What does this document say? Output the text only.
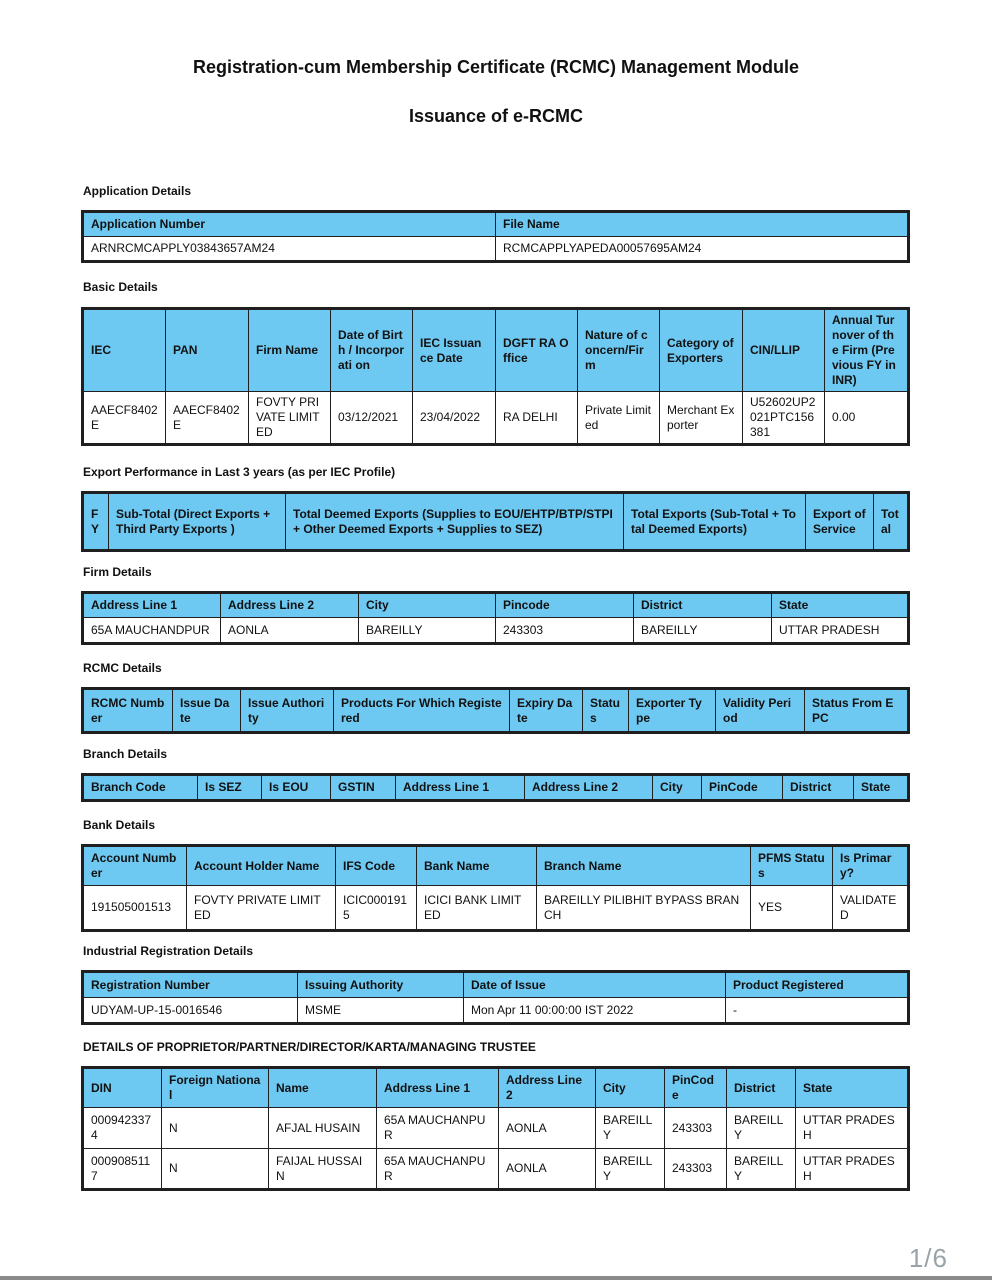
Registration-cum Membership Certificate (RCMC) Management Module
Issuance of e-RCMC
Application Details
Application Number	File Name
ARNRCMCAPPLY03843657AM24	RCMCAPPLYAPEDA00057695AM24
Basic Details
IEC	PAN	Firm Name	Date of Birth / Incorporati on	IEC Issuance Date	DGFT RA Office	Nature of concern/Fir m	Category of Exporters	CIN/LLIP	Annual Turnover of the Firm (Previous FY in INR)
AAECF8402 E	AAECF8402 E	FOVTY PRIVATE LIMITED	03/12/2021	23/04/2022	RA DELHI	Private Limited	Merchant Exporter	U52602UP2 021PTC156 381	0.00
Export Performance in Last 3 years (as per IEC Profile)
F Y	Sub-Total (Direct Exports + Third Party Exports )	Total Deemed Exports (Supplies to EOU/EHTP/BTP/STPI + Other Deemed Exports + Supplies to SEZ)	Total Exports (Sub-Total + Total Deemed Exports)	Export of Service	Tot al
Firm Details
Address Line 1	Address Line 2	City	Pincode	District	State
65A MAUCHANDPUR	AONLA	BAREILLY	243303	BAREILLY	UTTAR PRADESH
RCMC Details
RCMC Number	Issue Date	Issue Authority	Products For Which Registered	Expiry Date	Statu s	Exporter Type	Validity Period	Status From EPC
Branch Details
Branch Code	Is SEZ	Is EOU	GSTIN	Address Line 1	Address Line 2	City	PinCode	District	State
Bank Details
Account Number	Account Holder Name	IFS Code	Bank Name	Branch Name	PFMS Status	Is Primary?
191505001513	FOVTY PRIVATE LIMITED	ICIC000191 5	ICICI BANK LIMITED	BAREILLY PILIBHIT BYPASS BRANCH	YES	VALIDATE D
Industrial Registration Details
Registration Number	Issuing Authority	Date of Issue	Product Registered
UDYAM-UP-15-0016546	MSME	Mon Apr 11 00:00:00 IST 2022	-
DETAILS OF PROPRIETOR/PARTNER/DIRECTOR/KARTA/MANAGING TRUSTEE
DIN	Foreign National	Name	Address Line 1	Address Line 2	City	PinCod e	District	State
000942337 4	N	AFJAL HUSAIN	65A MAUCHANPUR	AONLA	BAREILL Y	243303	BAREILL Y	UTTAR PRADESH
000908511 7	N	FAIJAL HUSSAIN	65A MAUCHANPUR	AONLA	BAREILL Y	243303	BAREILL Y	UTTAR PRADESH
1/6
